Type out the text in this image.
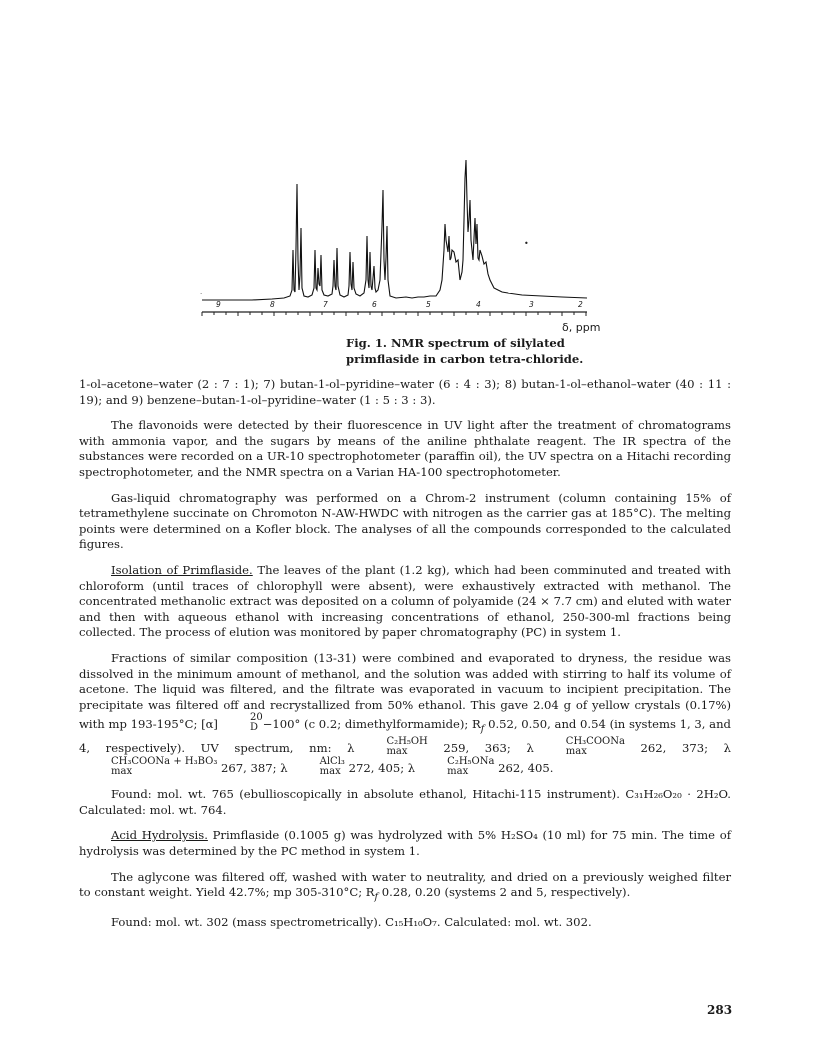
•
.
9	8	7	6	5	4	3	2
δ, ppm
Fig. 1. NMR spectrum of silylated primflaside in carbon tetra-chloride.

1-ol–acetone–water (2 : 7 : 1); 7) butan-1-ol–pyridine–water (6 : 4 : 3); 8) butan-1-ol–ethanol–water (40 : 11 : 19); and 9) benzene–butan-1-ol–pyridine–water (1 : 5 : 3 : 3).

The flavonoids were detected by their fluorescence in UV light after the treatment of chromatograms with ammonia vapor, and the sugars by means of the aniline phthalate reagent. The IR spectra of the substances were recorded on a UR-10 spectrophotometer (paraffin oil), the UV spectra on a Hitachi recording spectrophotometer, and the NMR spectra on a Varian HA-100 spectrophotometer.

Gas-liquid chromatography was performed on a Chrom-2 instrument (column containing 15% of tetramethylene succinate on Chromoton N-AW-HWDC with nitrogen as the carrier gas at 185°C). The melting points were determined on a Kofler block. The analyses of all the compounds corresponded to the calculated figures.

Isolation of Primflaside. The leaves of the plant (1.2 kg), which had been comminuted and treated with chloroform (until traces of chlorophyll were absent), were exhaustively extracted with methanol. The concentrated methanolic extract was deposited on a column of polyamide (24 × 7.7 cm) and eluted with water and then with aqueous ethanol with increasing concentrations of ethanol, 250-300-ml fractions being collected. The process of elution was monitored by paper chromatography (PC) in system 1.

Fractions of similar composition (13-31) were combined and evaporated to dryness, the residue was dissolved in the minimum amount of methanol, and the solution was added with stirring to half its volume of acetone. The liquid was filtered, and the filtrate was evaporated in vacuum to incipient precipitation. The precipitate was filtered off and recrystallized from 50% ethanol. This gave 2.04 g of yellow crystals (0.17%) with mp 193-195°C; [α]	20
D −100° (c 0.2; dimethylformamide); $R_f$ 0.52, 0.50, and 0.54 (in systems 1, 3, and 4, respectively). UV spectrum, nm: λ	C₂H₅OH
max	259, 363; λ	CH₃COONa
max	262, 373; λ
CH₃COONa + H₃BO₃
max	267, 387; λ	AlCl₃
max 272, 405; λ	C₂H₅ONa
max	262, 405.

Found: mol. wt. 765 (ebullioscopically in absolute ethanol, Hitachi-115 instrument). C₃₁H₂₆O₂₀ · 2H₂O. Calculated: mol. wt. 764.

Acid Hydrolysis. Primflaside (0.1005 g) was hydrolyzed with 5% H₂SO₄ (10 ml) for 75 min. The time of hydrolysis was determined by the PC method in system 1.

The aglycone was filtered off, washed with water to neutrality, and dried on a previously weighed filter to constant weight. Yield 42.7%; mp 305-310°C; $R_f$ 0.28, 0.20 (systems 2 and 5, respectively).

Found: mol. wt. 302 (mass spectrometrically). C₁₅H₁₀O₇. Calculated: mol. wt. 302.

283
